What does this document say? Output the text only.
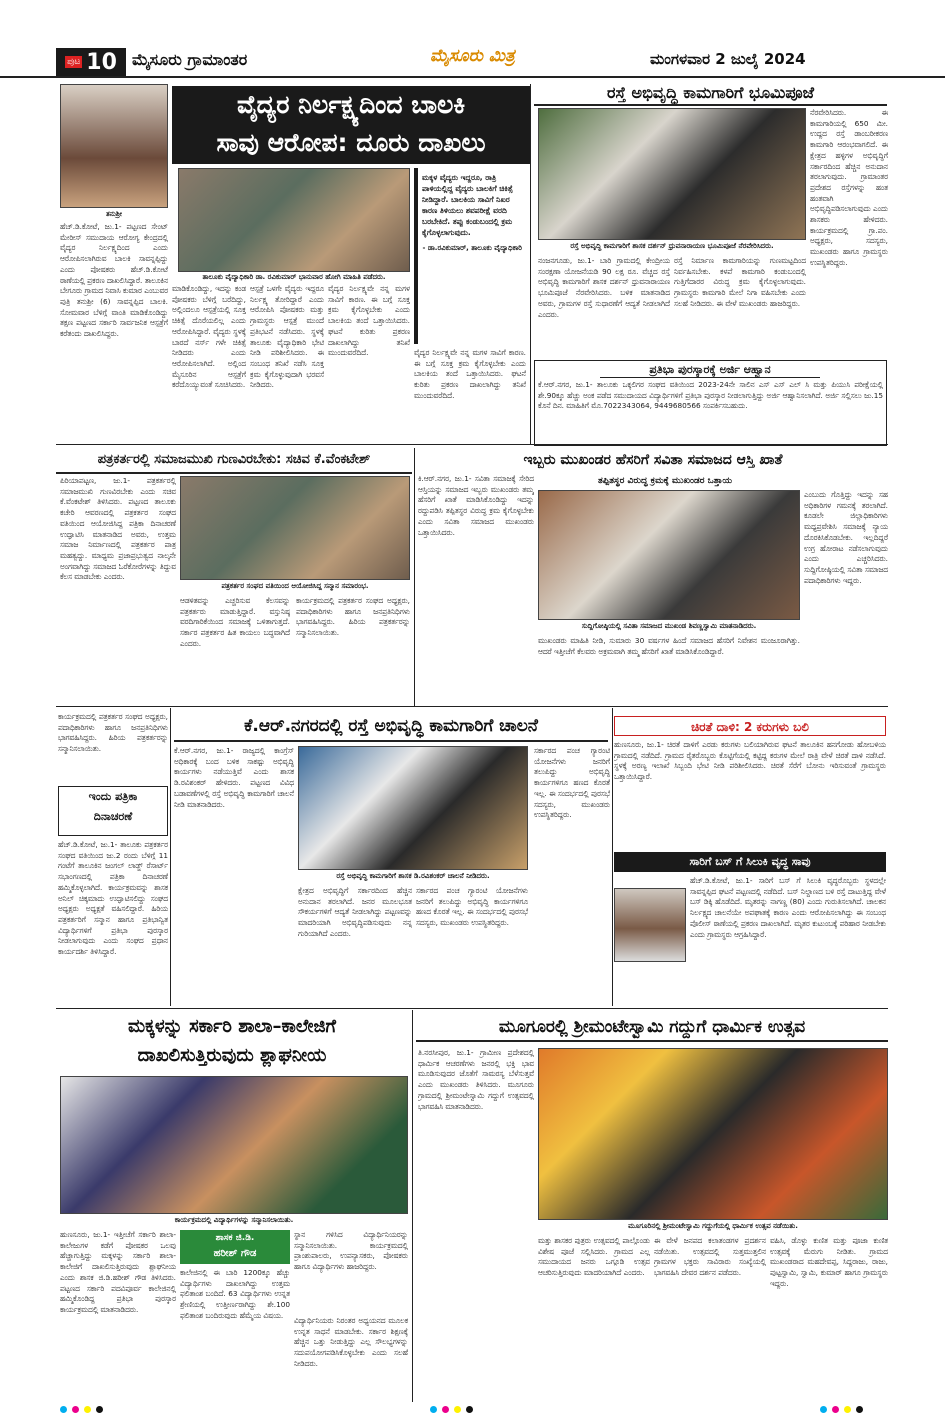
ಪುಟ 10 ಮೈಸೂರು ಗ್ರಾಮಾಂತರ	ಮೈಸೂರು ಮಿತ್ರ	ಮಂಗಳವಾರ 2 ಜುಲೈ 2024
ತನುಶ್ರೀ
ವೈದ್ಯರ ನಿರ್ಲಕ್ಷ್ಯದಿಂದ ಬಾಲಕಿ
ಸಾವು ಆರೋಪ: ದೂರು ದಾಖಲು
ತಾಲೂಕು ವೈದ್ಯಾಧಿಕಾರಿ ಡಾ. ರವಿಕುಮಾರ್ ಭಾನುವಾರ ಹೋಗಿ ಮಾಹಿತಿ ಪಡೆದರು.
ಮಕ್ಕಳ ವೈದ್ಯರು ಇದ್ದರೂ, ರಾತ್ರಿ ಪಾಳಿಯಲ್ಲಿದ್ದ ವೈದ್ಯರು ಬಾಲಕಿಗೆ ಚಿಕಿತ್ಸೆ ನೀಡಿದ್ದಾರೆ. ಬಾಲಕಿಯ ಸಾವಿಗೆ ನಿಖರ ಕಾರಣ ತಿಳಿಯಲು ಶವಪರೀಕ್ಷೆ ವರದಿ ಬರಬೇಕಿದೆ. ತಪ್ಪು ಕಂಡುಬಂದಲ್ಲಿ ಕ್ರಮ ಕೈಗೊಳ್ಳಲಾಗುವುದು.
- ಡಾ.ರವಿಕುಮಾರ್, ತಾಲೂಕು ವೈದ್ಯಾಧಿಕಾರಿ
ಹೆಚ್.ಡಿ.ಕೋಟೆ, ಜು.1- ಪಟ್ಟಣದ ಸೇಂಟ್ ಮೇರೀಸ್ ಸಮುದಾಯ ಆರೋಗ್ಯ ಕೇಂದ್ರದಲ್ಲಿ ವೈದ್ಯರ ನಿರ್ಲಕ್ಷ್ಯದಿಂದ ಎಂದು ಆರೋಪಿಸಲಾಗಿರುವ ಬಾಲಕಿ ಸಾವನ್ನಪ್ಪಿದ್ದು ಎಂದು ಪೋಷಕರು ಹೆಚ್.ಡಿ.ಕೋಟೆ ಠಾಣೆಯಲ್ಲಿ ಪ್ರಕರಣ ದಾಖಲಿಸಿದ್ದಾರೆ. ತಾಲೂಕಿನ ಬೇಗೂರು ಗ್ರಾಮದ ನಿವಾಸಿ ಕುಮಾರ ಎಂಬುವರ ಪುತ್ರಿ ತನುಶ್ರೀ (6) ಸಾವನ್ನಪ್ಪಿದ ಬಾಲಕಿ. ಸೋಮವಾರ ಬೆಳಿಗ್ಗೆ ವಾಂತಿ ಮಾಡಿಕೊಂಡಿದ್ದು ತಕ್ಷಣ ಪಟ್ಟಣದ ಸರ್ಕಾರಿ ಸಾರ್ವಜನಿಕ ಆಸ್ಪತ್ರೆಗೆ ಕರೆತಂದು ದಾಖಲಿಸಿದ್ದರು.
ಮಾಡಿಕೊಂಡಿದ್ದು, ಇದನ್ನು ಕಂಡ ಪೋಷಕರು ಬೆಳಿಗ್ಗೆ ಬರೆದಿದ್ದು, ಅಲ್ಲಿಂದಲೂ ಆಸ್ಪತ್ರೆಯಲ್ಲಿ ಸೂಕ್ತ ಚಿಕಿತ್ಸೆ ದೊರೆಯಲಿಲ್ಲ ಎಂದು ಆರೋಪಿಸಿದ್ದಾರೆ. ವೈದ್ಯರು ಸ್ಥಳಕ್ಕೆ ಬಾರದೆ ನರ್ಸ್ ಗಳೇ ಚಿಕಿತ್ಸೆ ನೀಡಿದರು ಎಂದು ಆರೋಪಿಸಲಾಗಿದೆ. ಅಲ್ಲಿಂದ ಮೈಸೂರಿನ ಆಸ್ಪತ್ರೆಗೆ ಕರೆದೊಯ್ಯುವಂತೆ ಸೂಚಿಸಿದರು.
ಆಸ್ಪತ್ರೆ ಒಳಗೇ ವೈದ್ಯರು ಇದ್ದರೂ ನಿರ್ಲಕ್ಷ್ಯ ತೋರಿದ್ದಾರೆ ಎಂದು ಆರೋಪಿಸಿ ಪೋಷಕರು ಮತ್ತು ಗ್ರಾಮಸ್ಥರು ಆಸ್ಪತ್ರೆ ಮುಂದೆ ಪ್ರತಿಭಟನೆ ನಡೆಸಿದರು. ಸ್ಥಳಕ್ಕೆ ತಾಲೂಕು ವೈದ್ಯಾಧಿಕಾರಿ ಭೇಟಿ ನೀಡಿ ಪರಿಶೀಲಿಸಿದರು. ಈ ಸಂಬಂಧ ತನಿಖೆ ನಡೆಸಿ ಸೂಕ್ತ ಕ್ರಮ ಕೈಗೊಳ್ಳುವುದಾಗಿ ಭರವಸೆ ನೀಡಿದರು.
ವೈದ್ಯರ ನಿರ್ಲಕ್ಷ್ಯವೇ ನನ್ನ ಮಗಳ ಸಾವಿಗೆ ಕಾರಣ. ಈ ಬಗ್ಗೆ ಸೂಕ್ತ ಕ್ರಮ ಕೈಗೊಳ್ಳಬೇಕು ಎಂದು ಬಾಲಕಿಯ ತಂದೆ ಒತ್ತಾಯಿಸಿದರು. ಘಟನೆ ಕುರಿತು ಪ್ರಕರಣ ದಾಖಲಾಗಿದ್ದು ತನಿಖೆ ಮುಂದುವರೆದಿದೆ.	ವೈದ್ಯರ ನಿರ್ಲಕ್ಷ್ಯವೇ ನನ್ನ ಮಗಳ ಸಾವಿಗೆ ಕಾರಣ. ಈ ಬಗ್ಗೆ ಸೂಕ್ತ ಕ್ರಮ ಕೈಗೊಳ್ಳಬೇಕು ಎಂದು ಬಾಲಕಿಯ ತಂದೆ ಒತ್ತಾಯಿಸಿದರು. ಘಟನೆ ಕುರಿತು ಪ್ರಕರಣ ದಾಖಲಾಗಿದ್ದು ತನಿಖೆ ಮುಂದುವರೆದಿದೆ.
ರಸ್ತೆ ಅಭಿವೃದ್ಧಿ ಕಾಮಗಾರಿಗೆ ಭೂಮಿಪೂಜೆ
ರಸ್ತೆ ಅಭಿವೃದ್ಧಿ ಕಾಮಗಾರಿಗೆ ಶಾಸಕ ದರ್ಶನ್ ಧ್ರುವನಾರಾಯಣ ಭೂಮಿಪೂಜೆ ನೆರವೇರಿಸಿದರು.
ನೆರವೇರಿಸಿದರು. ಈ ಕಾಮಗಾರಿಯಲ್ಲಿ 650 ಮೀ. ಉದ್ದದ ರಸ್ತೆ ಡಾಂಬರೀಕರಣ ಕಾಮಗಾರಿ ಆರಂಭವಾಗಲಿದೆ. ಈ ಕ್ಷೇತ್ರದ ಹಳ್ಳಿಗಳ ಅಭಿವೃದ್ಧಿಗೆ ಸರ್ಕಾರದಿಂದ ಹೆಚ್ಚಿನ ಅನುದಾನ ತರಲಾಗುವುದು. ಗ್ರಾಮಾಂತರ ಪ್ರದೇಶದ ರಸ್ತೆಗಳನ್ನು ಹಂತ ಹಂತವಾಗಿ ಅಭಿವೃದ್ಧಿಪಡಿಸಲಾಗುವುದು ಎಂದು ಶಾಸಕರು ಹೇಳಿದರು. ಕಾರ್ಯಕ್ರಮದಲ್ಲಿ ಗ್ರಾ.ಪಂ. ಅಧ್ಯಕ್ಷರು, ಸದಸ್ಯರು, ಮುಖಂಡರು ಹಾಗೂ ಗ್ರಾಮಸ್ಥರು ಉಪಸ್ಥಿತರಿದ್ದರು.
ನಂಜನಗೂಡು, ಜು.1- ಬಾರಿ ಗ್ರಾಮದಲ್ಲಿ ಕೇಂದ್ರೀಯ ಸಂರಕ್ಷಣಾ ಯೋಜನೆಯಡಿ 90 ಲಕ್ಷ ರೂ. ವೆಚ್ಚದ ರಸ್ತೆ ಅಭಿವೃದ್ಧಿ ಕಾಮಗಾರಿಗೆ ಶಾಸಕ ದರ್ಶನ್ ಧ್ರುವನಾರಾಯಣ ಭೂಮಿಪೂಜೆ ನೆರವೇರಿಸಿದರು. ಬಳಿಕ ಮಾತನಾಡಿದ ಅವರು, ಗ್ರಾಮಗಳ ರಸ್ತೆ ಸುಧಾರಣೆಗೆ ಆದ್ಯತೆ ನೀಡಲಾಗಿದೆ ಎಂದರು.
ರಸ್ತೆ ನಿರ್ಮಾಣ ಕಾಮಗಾರಿಯನ್ನು ಗುಣಮಟ್ಟದಿಂದ ನಿರ್ವಹಿಸಬೇಕು. ಕಳಪೆ ಕಾಮಗಾರಿ ಕಂಡುಬಂದಲ್ಲಿ ಗುತ್ತಿಗೆದಾರರ ವಿರುದ್ಧ ಕ್ರಮ ಕೈಗೊಳ್ಳಲಾಗುವುದು. ಗ್ರಾಮಸ್ಥರು ಕಾಮಗಾರಿ ಮೇಲೆ ನಿಗಾ ವಹಿಸಬೇಕು ಎಂದು ಸಲಹೆ ನೀಡಿದರು. ಈ ವೇಳೆ ಮುಖಂಡರು ಹಾಜರಿದ್ದರು.
ಪ್ರತಿಭಾ ಪುರಸ್ಕಾರಕ್ಕೆ ಅರ್ಜಿ ಆಹ್ವಾನ
ಕೆ.ಆರ್.ನಗರ, ಜು.1- ತಾಲೂಕು ಒಕ್ಕಲಿಗರ ಸಂಘದ ವತಿಯಿಂದ 2023-24ನೇ ಸಾಲಿನ ಎಸ್ ಎಸ್ ಎಲ್ ಸಿ ಮತ್ತು ಪಿಯುಸಿ ಪರೀಕ್ಷೆಯಲ್ಲಿ ಶೇ.90ಕ್ಕೂ ಹೆಚ್ಚು ಅಂಕ ಪಡೆದ ಸಮುದಾಯದ ವಿದ್ಯಾರ್ಥಿಗಳಿಗೆ ಪ್ರತಿಭಾ ಪುರಸ್ಕಾರ ನೀಡಲಾಗುತ್ತಿದ್ದು ಅರ್ಜಿ ಆಹ್ವಾನಿಸಲಾಗಿದೆ. ಅರ್ಜಿ ಸಲ್ಲಿಸಲು ಜು.15 ಕೊನೆ ದಿನ. ಮಾಹಿತಿಗೆ ಮೊ.7022343064, 9449680566 ಸಂಪರ್ಕಿಸಬಹುದು.
ಪತ್ರಕರ್ತರಲ್ಲಿ ಸಮಾಜಮುಖಿ ಗುಣವಿರಬೇಕು: ಸಚಿವ ಕೆ.ವೆಂಕಟೇಶ್
ಪತ್ರಕರ್ತರ ಸಂಘದ ವತಿಯಿಂದ ಆಯೋಜಿಸಿದ್ದ ಸನ್ಮಾನ ಸಮಾರಂಭ.
ಪಿರಿಯಾಪಟ್ಟಣ, ಜು.1- ಪತ್ರಕರ್ತರಲ್ಲಿ ಸಮಾಜಮುಖಿ ಗುಣವಿರಬೇಕು ಎಂದು ಸಚಿವ ಕೆ.ವೆಂಕಟೇಶ್ ತಿಳಿಸಿದರು. ಪಟ್ಟಣದ ತಾಲೂಕು ಕಚೇರಿ ಆವರಣದಲ್ಲಿ ಪತ್ರಕರ್ತರ ಸಂಘದ ವತಿಯಿಂದ ಆಯೋಜಿಸಿದ್ದ ಪತ್ರಿಕಾ ದಿನಾಚರಣೆ ಉದ್ಘಾಟಿಸಿ ಮಾತನಾಡಿದ ಅವರು, ಉತ್ತಮ ಸಮಾಜ ನಿರ್ಮಾಣದಲ್ಲಿ ಪತ್ರಕರ್ತರ ಪಾತ್ರ ಮಹತ್ವದ್ದು. ಮಾಧ್ಯಮ ಪ್ರಜಾಪ್ರಭುತ್ವದ ನಾಲ್ಕನೇ ಅಂಗವಾಗಿದ್ದು ಸಮಾಜದ ಓರೆಕೋರೆಗಳನ್ನು ತಿದ್ದುವ ಕೆಲಸ ಮಾಡಬೇಕು ಎಂದರು.
ಆಡಳಿತವನ್ನು ಎಚ್ಚರಿಸುವ ಕೆಲಸವನ್ನು ಪತ್ರಕರ್ತರು ಮಾಡುತ್ತಿದ್ದಾರೆ. ವಸ್ತುನಿಷ್ಠ ವರದಿಗಾರಿಕೆಯಿಂದ ಸಮಾಜಕ್ಕೆ ಒಳಿತಾಗುತ್ತದೆ. ಸರ್ಕಾರ ಪತ್ರಕರ್ತರ ಹಿತ ಕಾಯಲು ಬದ್ಧವಾಗಿದೆ ಎಂದರು.
ಕಾರ್ಯಕ್ರಮದಲ್ಲಿ ಪತ್ರಕರ್ತರ ಸಂಘದ ಅಧ್ಯಕ್ಷರು, ಪದಾಧಿಕಾರಿಗಳು ಹಾಗೂ ಜನಪ್ರತಿನಿಧಿಗಳು ಭಾಗವಹಿಸಿದ್ದರು. ಹಿರಿಯ ಪತ್ರಕರ್ತರನ್ನು ಸನ್ಮಾನಿಸಲಾಯಿತು.
ಇಬ್ಬರು ಮುಖಂಡರ ಹೆಸರಿಗೆ ಸವಿತಾ ಸಮಾಜದ ಆಸ್ತಿ ಖಾತೆ
ತಪ್ಪಿತಸ್ಥರ ವಿರುದ್ಧ ಕ್ರಮಕ್ಕೆ ಮುಖಂಡರ ಒತ್ತಾಯ
ಕಿ.ಆರ್.ನಗರ, ಜು.1- ಸವಿತಾ ಸಮಾಜಕ್ಕೆ ಸೇರಿದ ಆಸ್ತಿಯನ್ನು ಸಮಾಜದ ಇಬ್ಬರು ಮುಖಂಡರು ತಮ್ಮ ಹೆಸರಿಗೆ ಖಾತೆ ಮಾಡಿಸಿಕೊಂಡಿದ್ದು ಇದನ್ನು ರದ್ದುಪಡಿಸಿ ತಪ್ಪಿತಸ್ಥರ ವಿರುದ್ಧ ಕ್ರಮ ಕೈಗೊಳ್ಳಬೇಕು ಎಂದು ಸವಿತಾ ಸಮಾಜದ ಮುಖಂಡರು ಒತ್ತಾಯಿಸಿದರು.
ಸುದ್ದಿಗೋಷ್ಠಿಯಲ್ಲಿ ಸವಿತಾ ಸಮಾಜದ ಮುಖಂಡ ಶಿವಣ್ಣಸ್ವಾಮಿ ಮಾತನಾಡಿದರು.
ಮುಖಂಡರು ಮಾಹಿತಿ ನೀಡಿ, ಸುಮಾರು 30 ವರ್ಷಗಳ ಹಿಂದೆ ಸಮಾಜದ ಹೆಸರಿಗೆ ನಿವೇಶನ ಮಂಜೂರಾಗಿತ್ತು. ಆದರೆ ಇತ್ತೀಚೆಗೆ ಕೆಲವರು ಅಕ್ರಮವಾಗಿ ತಮ್ಮ ಹೆಸರಿಗೆ ಖಾತೆ ಮಾಡಿಸಿಕೊಂಡಿದ್ದಾರೆ.
ಎಂಬುದು ಗೊತ್ತಿದ್ದು ಇದನ್ನು ಸಹ ಅಧಿಕಾರಿಗಳ ಗಮನಕ್ಕೆ ತರಲಾಗಿದೆ. ಕೂಡಲೇ ಜಿಲ್ಲಾಧಿಕಾರಿಗಳು ಮಧ್ಯಪ್ರವೇಶಿಸಿ ಸಮಾಜಕ್ಕೆ ನ್ಯಾಯ ದೊರಕಿಸಿಕೊಡಬೇಕು. ಇಲ್ಲದಿದ್ದರೆ ಉಗ್ರ ಹೋರಾಟ ನಡೆಸಲಾಗುವುದು ಎಂದು ಎಚ್ಚರಿಸಿದರು. ಸುದ್ದಿಗೋಷ್ಠಿಯಲ್ಲಿ ಸವಿತಾ ಸಮಾಜದ ಪದಾಧಿಕಾರಿಗಳು ಇದ್ದರು.
ಕೆ.ಆರ್.ನಗರದಲ್ಲಿ ರಸ್ತೆ ಅಭಿವೃದ್ಧಿ ಕಾಮಗಾರಿಗೆ ಚಾಲನೆ
ರಸ್ತೆ ಅಭಿವೃದ್ಧಿ ಕಾಮಗಾರಿಗೆ ಶಾಸಕ ಡಿ.ರವಿಶಂಕರ್ ಚಾಲನೆ ನೀಡಿದರು.
ಕೆ.ಆರ್.ನಗರ, ಜು.1- ರಾಜ್ಯದಲ್ಲಿ ಕಾಂಗ್ರೆಸ್ ಅಧಿಕಾರಕ್ಕೆ ಬಂದ ಬಳಿಕ ಸಾಕಷ್ಟು ಅಭಿವೃದ್ಧಿ ಕಾರ್ಯಗಳು ನಡೆಯುತ್ತಿವೆ ಎಂದು ಶಾಸಕ ಡಿ.ರವಿಶಂಕರ್ ಹೇಳಿದರು. ಪಟ್ಟಣದ ವಿವಿಧ ಬಡಾವಣೆಗಳಲ್ಲಿ ರಸ್ತೆ ಅಭಿವೃದ್ಧಿ ಕಾಮಗಾರಿಗೆ ಚಾಲನೆ ನೀಡಿ ಮಾತನಾಡಿದರು.
ಕ್ಷೇತ್ರದ ಅಭಿವೃದ್ಧಿಗೆ ಸರ್ಕಾರದಿಂದ ಹೆಚ್ಚಿನ ಅನುದಾನ ತರಲಾಗಿದೆ. ಜನರ ಮೂಲಭೂತ ಸೌಕರ್ಯಗಳಿಗೆ ಆದ್ಯತೆ ನೀಡಲಾಗಿದ್ದು ಪಟ್ಟಣವನ್ನು ಮಾದರಿಯಾಗಿ ಅಭಿವೃದ್ಧಿಪಡಿಸುವುದು ನನ್ನ ಗುರಿಯಾಗಿದೆ ಎಂದರು.
ಸರ್ಕಾರದ ಪಂಚ ಗ್ಯಾರಂಟಿ ಯೋಜನೆಗಳು ಜನರಿಗೆ ತಲುಪಿದ್ದು ಅಭಿವೃದ್ಧಿ ಕಾರ್ಯಗಳಿಗೂ ಹಣದ ಕೊರತೆ ಇಲ್ಲ. ಈ ಸಂದರ್ಭದಲ್ಲಿ ಪುರಸಭೆ ಸದಸ್ಯರು, ಮುಖಂಡರು ಉಪಸ್ಥಿತರಿದ್ದರು.
ಸರ್ಕಾರದ ಪಂಚ ಗ್ಯಾರಂಟಿ ಯೋಜನೆಗಳು ಜನರಿಗೆ ತಲುಪಿದ್ದು ಅಭಿವೃದ್ಧಿ ಕಾರ್ಯಗಳಿಗೂ ಹಣದ ಕೊರತೆ ಇಲ್ಲ. ಈ ಸಂದರ್ಭದಲ್ಲಿ ಪುರಸಭೆ ಸದಸ್ಯರು, ಮುಖಂಡರು ಉಪಸ್ಥಿತರಿದ್ದರು.
ಇಂದು ಪತ್ರಿಕಾ
ದಿನಾಚರಣೆ
ಹೆಚ್.ಡಿ.ಕೋಟೆ, ಜು.1- ತಾಲೂಕು ಪತ್ರಕರ್ತರ ಸಂಘದ ವತಿಯಿಂದ ಜು.2 ರಂದು ಬೆಳಿಗ್ಗೆ 11 ಗಂಟೆಗೆ ತಾಲೂಕಿನ ಜಂಗಲ್ ಲಾಡ್ಜ್ ರೆಸಾರ್ಟ್ ಸಭಾಂಗಣದಲ್ಲಿ ಪತ್ರಿಕಾ ದಿನಾಚರಣೆ ಹಮ್ಮಿಕೊಳ್ಳಲಾಗಿದೆ. ಕಾರ್ಯಕ್ರಮವನ್ನು ಶಾಸಕ ಅನಿಲ್ ಚಿಕ್ಕಮಾದು ಉದ್ಘಾಟಿಸಲಿದ್ದು ಸಂಘದ ಅಧ್ಯಕ್ಷರು ಅಧ್ಯಕ್ಷತೆ ವಹಿಸಲಿದ್ದಾರೆ. ಹಿರಿಯ ಪತ್ರಕರ್ತರಿಗೆ ಸನ್ಮಾನ ಹಾಗೂ ಪ್ರತಿಭಾನ್ವಿತ ವಿದ್ಯಾರ್ಥಿಗಳಿಗೆ ಪ್ರತಿಭಾ ಪುರಸ್ಕಾರ ನೀಡಲಾಗುವುದು ಎಂದು ಸಂಘದ ಪ್ರಧಾನ ಕಾರ್ಯದರ್ಶಿ ತಿಳಿಸಿದ್ದಾರೆ.
ಕಾರ್ಯಕ್ರಮದಲ್ಲಿ ಪತ್ರಕರ್ತರ ಸಂಘದ ಅಧ್ಯಕ್ಷರು, ಪದಾಧಿಕಾರಿಗಳು ಹಾಗೂ ಜನಪ್ರತಿನಿಧಿಗಳು ಭಾಗವಹಿಸಿದ್ದರು. ಹಿರಿಯ ಪತ್ರಕರ್ತರನ್ನು ಸನ್ಮಾನಿಸಲಾಯಿತು.
ಚಿರತೆ ದಾಳಿ: 2 ಕರುಗಳು ಬಲಿ
ಹುಣಸೂರು, ಜು.1- ಚಿರತೆ ದಾಳಿಗೆ ಎರಡು ಕರುಗಳು ಬಲಿಯಾಗಿರುವ ಘಟನೆ ತಾಲೂಕಿನ ಹನಗೋಡು ಹೋಬಳಿಯ ಗ್ರಾಮದಲ್ಲಿ ನಡೆದಿದೆ. ಗ್ರಾಮದ ರೈತರೊಬ್ಬರು ಕೊಟ್ಟಿಗೆಯಲ್ಲಿ ಕಟ್ಟಿದ್ದ ಕರುಗಳ ಮೇಲೆ ರಾತ್ರಿ ವೇಳೆ ಚಿರತೆ ದಾಳಿ ನಡೆಸಿದೆ. ಸ್ಥಳಕ್ಕೆ ಅರಣ್ಯ ಇಲಾಖೆ ಸಿಬ್ಬಂದಿ ಭೇಟಿ ನೀಡಿ ಪರಿಶೀಲಿಸಿದರು. ಚಿರತೆ ಸೆರೆಗೆ ಬೋನು ಇರಿಸುವಂತೆ ಗ್ರಾಮಸ್ಥರು ಒತ್ತಾಯಿಸಿದ್ದಾರೆ.
ಸಾರಿಗೆ ಬಸ್ ಗೆ ಸಿಲುಕಿ ವೃದ್ಧ ಸಾವು
ಹೆಚ್.ಡಿ.ಕೋಟೆ, ಜು.1- ಸಾರಿಗೆ ಬಸ್ ಗೆ ಸಿಲುಕಿ ವೃದ್ಧರೊಬ್ಬರು ಸ್ಥಳದಲ್ಲೇ ಸಾವನ್ನಪ್ಪಿದ ಘಟನೆ ಪಟ್ಟಣದಲ್ಲಿ ನಡೆದಿದೆ. ಬಸ್ ನಿಲ್ದಾಣದ ಬಳಿ ರಸ್ತೆ ದಾಟುತ್ತಿದ್ದ ವೇಳೆ ಬಸ್ ಡಿಕ್ಕಿ ಹೊಡೆದಿದೆ. ಮೃತರನ್ನು ನಾಗಣ್ಣ (80) ಎಂದು ಗುರುತಿಸಲಾಗಿದೆ. ಚಾಲಕನ ನಿರ್ಲಕ್ಷ್ಯದ ಚಾಲನೆಯೇ ಅಪಘಾತಕ್ಕೆ ಕಾರಣ ಎಂದು ಆರೋಪಿಸಲಾಗಿದ್ದು ಈ ಸಂಬಂಧ ಪೊಲೀಸ್ ಠಾಣೆಯಲ್ಲಿ ಪ್ರಕರಣ ದಾಖಲಾಗಿದೆ. ಮೃತರ ಕುಟುಂಬಕ್ಕೆ ಪರಿಹಾರ ನೀಡಬೇಕು ಎಂದು ಗ್ರಾಮಸ್ಥರು ಆಗ್ರಹಿಸಿದ್ದಾರೆ.
ಮಕ್ಕಳನ್ನು ಸರ್ಕಾರಿ ಶಾಲಾ–ಕಾಲೇಜಿಗೆ
ದಾಖಲಿಸುತ್ತಿರುವುದು ಶ್ಲಾಘನೀಯ
ಕಾರ್ಯಕ್ರಮದಲ್ಲಿ ವಿದ್ಯಾರ್ಥಿಗಳನ್ನು ಸನ್ಮಾನಿಸಲಾಯಿತು.
ಹುಣಸೂರು, ಜು.1- ಇತ್ತೀಚೆಗೆ ಸರ್ಕಾರಿ ಶಾಲಾ-ಕಾಲೇಜುಗಳ ಕಡೆಗೆ ಪೋಷಕರ ಒಲವು ಹೆಚ್ಚಾಗುತ್ತಿದ್ದು ಮಕ್ಕಳನ್ನು ಸರ್ಕಾರಿ ಶಾಲಾ-ಕಾಲೇಜಿಗೆ ದಾಖಲಿಸುತ್ತಿರುವುದು ಶ್ಲಾಘನೀಯ ಎಂದು ಶಾಸಕ ಜಿ.ಡಿ.ಹರೀಶ್ ಗೌಡ ತಿಳಿಸಿದರು. ಪಟ್ಟಣದ ಸರ್ಕಾರಿ ಪದವಿಪೂರ್ವ ಕಾಲೇಜಿನಲ್ಲಿ ಹಮ್ಮಿಕೊಂಡಿದ್ದ ಪ್ರತಿಭಾ ಪುರಸ್ಕಾರ ಕಾರ್ಯಕ್ರಮದಲ್ಲಿ ಮಾತನಾಡಿದರು.
ಶಾಸಕ ಜಿ.ಡಿ.
ಹರೀಶ್ ಗೌಡ
ಕಾಲೇಜಿನಲ್ಲಿ ಈ ಬಾರಿ 1200ಕ್ಕೂ ಹೆಚ್ಚು ವಿದ್ಯಾರ್ಥಿಗಳು ದಾಖಲಾಗಿದ್ದು ಉತ್ತಮ ಫಲಿತಾಂಶ ಬಂದಿದೆ. 63 ವಿದ್ಯಾರ್ಥಿಗಳು ಉನ್ನತ ಶ್ರೇಣಿಯಲ್ಲಿ ಉತ್ತೀರ್ಣರಾಗಿದ್ದು ಶೇ.100 ಫಲಿತಾಂಶ ಬಂದಿರುವುದು ಹೆಮ್ಮೆಯ ವಿಷಯ.
ಸ್ಥಾನ ಗಳಿಸಿದ ವಿದ್ಯಾರ್ಥಿನಿಯರನ್ನು ಸನ್ಮಾನಿಸಲಾಯಿತು. ಕಾರ್ಯಕ್ರಮದಲ್ಲಿ ಪ್ರಾಂಶುಪಾಲರು, ಉಪನ್ಯಾಸಕರು, ಪೋಷಕರು ಹಾಗೂ ವಿದ್ಯಾರ್ಥಿಗಳು ಹಾಜರಿದ್ದರು.
ವಿದ್ಯಾರ್ಥಿನಿಯರು ನಿರಂತರ ಅಧ್ಯಯನದ ಮೂಲಕ ಉನ್ನತ ಸಾಧನೆ ಮಾಡಬೇಕು. ಸರ್ಕಾರ ಶಿಕ್ಷಣಕ್ಕೆ ಹೆಚ್ಚಿನ ಒತ್ತು ನೀಡುತ್ತಿದ್ದು ಎಲ್ಲ ಸೌಲಭ್ಯಗಳನ್ನು ಸದುಪಯೋಗಪಡಿಸಿಕೊಳ್ಳಬೇಕು ಎಂದು ಸಲಹೆ ನೀಡಿದರು.
ಮೂಗೂರಲ್ಲಿ ಶ್ರೀಮಂಟೇಸ್ವಾಮಿ ಗದ್ದುಗೆ ಧಾರ್ಮಿಕ ಉತ್ಸವ
ತಿ.ನರಸೀಪುರ, ಜು.1- ಗ್ರಾಮೀಣ ಪ್ರದೇಶದಲ್ಲಿ ಧಾರ್ಮಿಕ ಆಚರಣೆಗಳು ಜನರಲ್ಲಿ ಭಕ್ತಿ ಭಾವ ಮೂಡಿಸುವುದರ ಜೊತೆಗೆ ಸಾಮರಸ್ಯ ಬೆಳೆಸುತ್ತವೆ ಎಂದು ಮುಖಂಡರು ತಿಳಿಸಿದರು. ಮೂಗೂರು ಗ್ರಾಮದಲ್ಲಿ ಶ್ರೀಮಂಟೇಸ್ವಾಮಿ ಗದ್ದುಗೆ ಉತ್ಸವದಲ್ಲಿ ಭಾಗವಹಿಸಿ ಮಾತನಾಡಿದರು.
ಮೂಗೂರಿನಲ್ಲಿ ಶ್ರೀಮಂಟೇಸ್ವಾಮಿ ಗದ್ದುಗೆಯಲ್ಲಿ ಧಾರ್ಮಿಕ ಉತ್ಸವ ನಡೆಯಿತು.
ಮತ್ತು ಶಾಸಕರ ಪುತ್ರರು ಉತ್ಸವದಲ್ಲಿ ಪಾಲ್ಗೊಂಡು ವಿಶೇಷ ಪೂಜೆ ಸಲ್ಲಿಸಿದರು. ಗ್ರಾಮದ ಎಲ್ಲ ಸಮುದಾಯದ ಜನರು ಒಗ್ಗೂಡಿ ಉತ್ಸವ ಆಚರಿಸುತ್ತಿರುವುದು ಮಾದರಿಯಾಗಿದೆ ಎಂದರು.
ಈ ವೇಳೆ ಜನಪದ ಕಲಾತಂಡಗಳ ಪ್ರದರ್ಶನ ನಡೆಯಿತು. ಉತ್ಸವದಲ್ಲಿ ಸುತ್ತಮುತ್ತಲಿನ ಗ್ರಾಮಗಳ ಭಕ್ತರು ಸಾವಿರಾರು ಸಂಖ್ಯೆಯಲ್ಲಿ ಭಾಗವಹಿಸಿ ದೇವರ ದರ್ಶನ ಪಡೆದರು.
ವಹಿಸಿ, ಡೊಳ್ಳು ಕುಣಿತ ಮತ್ತು ಪೂಜಾ ಕುಣಿತ ಉತ್ಸವಕ್ಕೆ ಮೆರುಗು ನೀಡಿತು. ಗ್ರಾಮದ ಮುಖಂಡರಾದ ಮಹದೇವಪ್ಪ, ಸಿದ್ದರಾಜು, ರಾಜು, ಪುಟ್ಟಸ್ವಾಮಿ, ಸ್ವಾಮಿ, ಕುಮಾರ್ ಹಾಗೂ ಗ್ರಾಮಸ್ಥರು ಇದ್ದರು.
